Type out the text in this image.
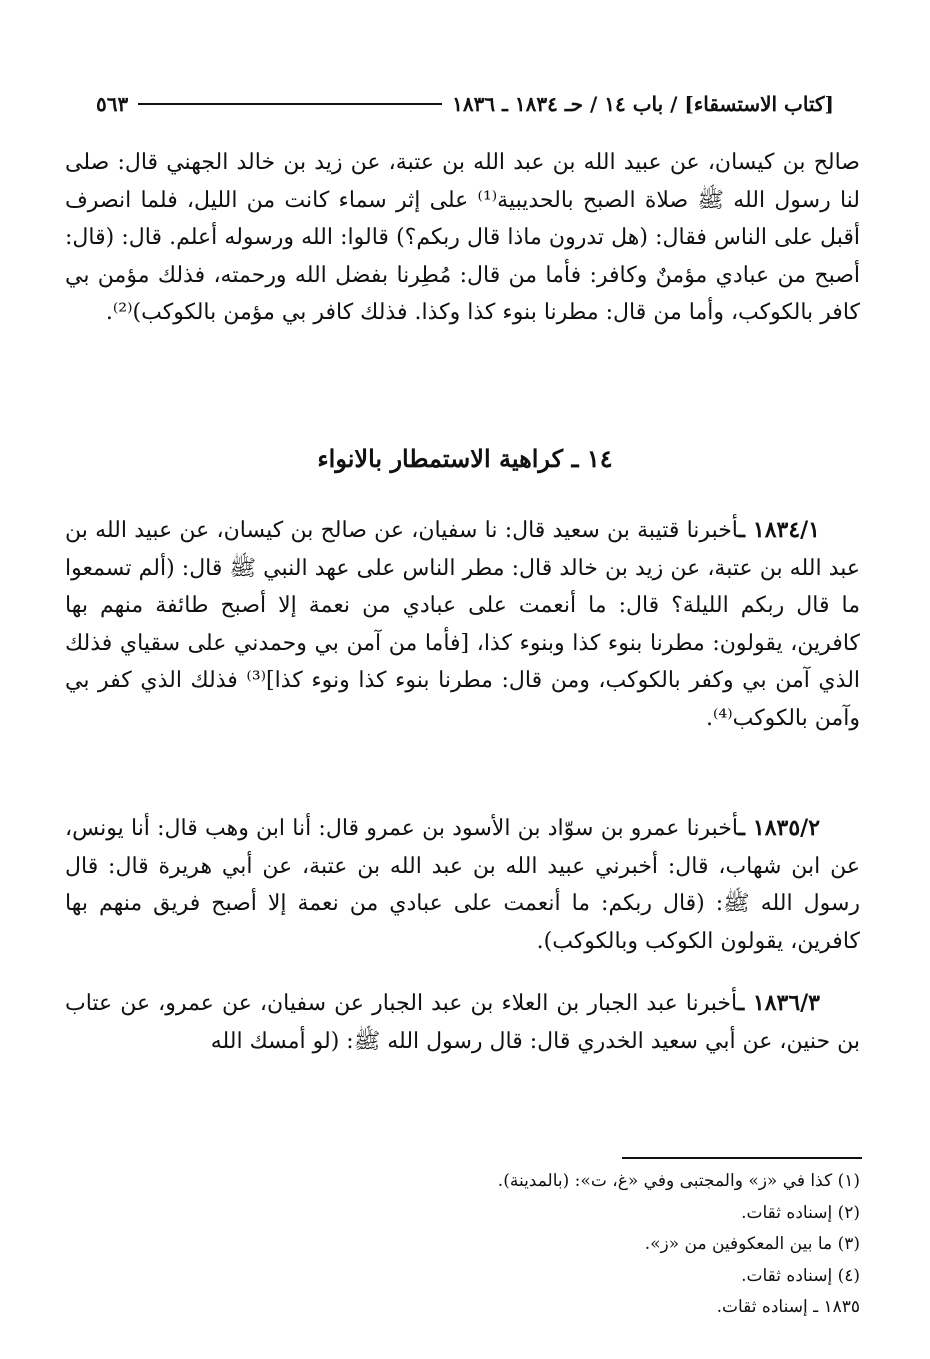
[كتاب الاستسقاء] / باب ١٤ / حـ ١٨٣٤ ـ ١٨٣٦
٥٦٣

صالح بن كيسان، عن عبيد الله بن عبد الله بن عتبة، عن زيد بن خالد الجهني قال: صلى لنا رسول الله ﷺ صلاة الصبح بالحديبية⁽¹⁾ على إثر سماء كانت من الليل، فلما انصرف أقبل على الناس فقال: (هل تدرون ماذا قال ربكم؟) قالوا: الله ورسوله أعلم. قال: (قال: أصبح من عبادي مؤمنٌ وكافر: فأما من قال: مُطِرنا بفضل الله ورحمته، فذلك مؤمن بي كافر بالكوكب، وأما من قال: مطرنا بنوء كذا وكذا. فذلك كافر بي مؤمن بالكوكب)⁽²⁾.

١٤ ـ كراهية الاستمطار بالانواء

١٨٣٤/١ ـأخبرنا قتيبة بن سعيد قال: نا سفيان، عن صالح بن كيسان، عن عبيد الله بن عبد الله بن عتبة، عن زيد بن خالد قال: مطر الناس على عهد النبي ﷺ قال: (ألم تسمعوا ما قال ربكم الليلة؟ قال: ما أنعمت على عبادي من نعمة إلا أصبح طائفة منهم بها كافرين، يقولون: مطرنا بنوء كذا وبنوء كذا، [فأما من آمن بي وحمدني على سقياي فذلك الذي آمن بي وكفر بالكوكب، ومن قال: مطرنا بنوء كذا ونوء كذا]⁽³⁾ فذلك الذي كفر بي وآمن بالكوكب⁽⁴⁾.

١٨٣٥/٢ ـأخبرنا عمرو بن سوّاد بن الأسود بن عمرو قال: أنا ابن وهب قال: أنا يونس، عن ابن شهاب، قال: أخبرني عبيد الله بن عبد الله بن عتبة، عن أبي هريرة قال: قال رسول الله ﷺ: (قال ربكم: ما أنعمت على عبادي من نعمة إلا أصبح فريق منهم بها كافرين، يقولون الكوكب وبالكوكب).

١٨٣٦/٣ ـأخبرنا عبد الجبار بن العلاء بن عبد الجبار عن سفيان، عن عمرو، عن عتاب بن حنين، عن أبي سعيد الخدري قال: قال رسول الله ﷺ: (لو أمسك الله

(١) كذا في «ز» والمجتبى وفي «غ، ت»: (بالمدينة).
(٢) إسناده ثقات.
(٣) ما بين المعكوفين من «ز».
(٤) إسناده ثقات.
١٨٣٥ ـ إسناده ثقات.
